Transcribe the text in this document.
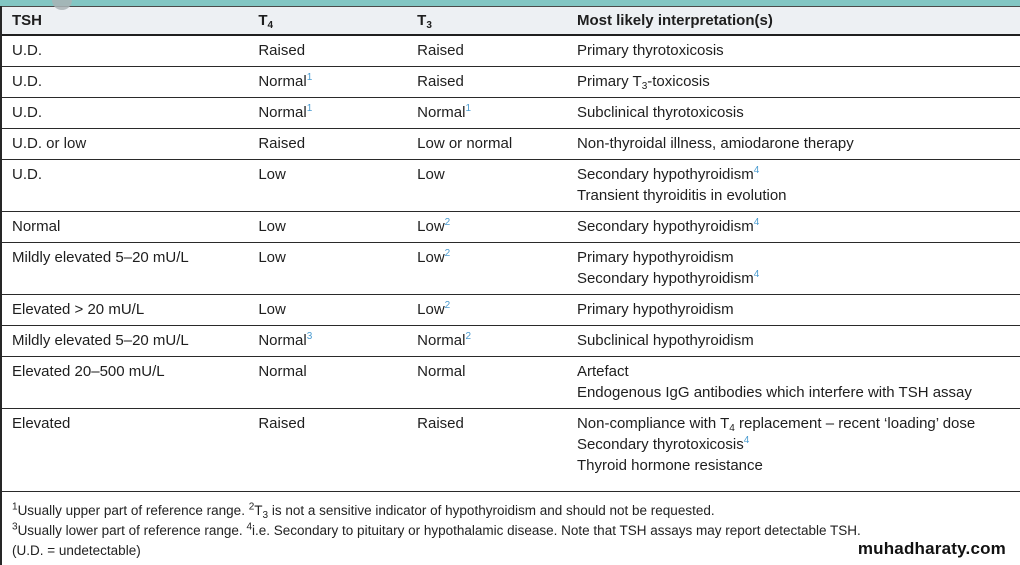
TSH	$T_4$	$T_3$	Most likely interpretation(s)
U.D.	Raised	Raised	Primary thyrotoxicosis
U.D.	Normal$^1$	Raised	Primary $T_3$-toxicosis
U.D.	Normal$^1$	Normal$^1$	Subclinical thyrotoxicosis
U.D. or low	Raised	Low or normal	Non-thyroidal illness, amiodarone therapy
U.D.	Low	Low	Secondary hypothyroidism$^4$
Transient thyroiditis in evolution
Normal	Low	Low$^2$	Secondary hypothyroidism$^4$
Mildly elevated 5–20 mU/L	Low	Low$^2$	Primary hypothyroidism
Secondary hypothyroidism$^4$
Elevated > 20 mU/L	Low	Low$^2$	Primary hypothyroidism
Mildly elevated 5–20 mU/L	Normal$^3$	Normal$^2$	Subclinical hypothyroidism
Elevated 20–500 mU/L	Normal	Normal	Artefact
Endogenous IgG antibodies which interfere with TSH assay
Elevated	Raised	Raised	Non-compliance with $T_4$ replacement – recent ‘loading’ dose
Secondary thyrotoxicosis$^4$
Thyroid hormone resistance
$^1$Usually upper part of reference range. $^2T_3$ is not a sensitive indicator of hypothyroidism and should not be requested.
$^3$Usually lower part of reference range. $^4$i.e. Secondary to pituitary or hypothalamic disease. Note that TSH assays may report detectable TSH.
(U.D. = undetectable)	muhadharaty.com
